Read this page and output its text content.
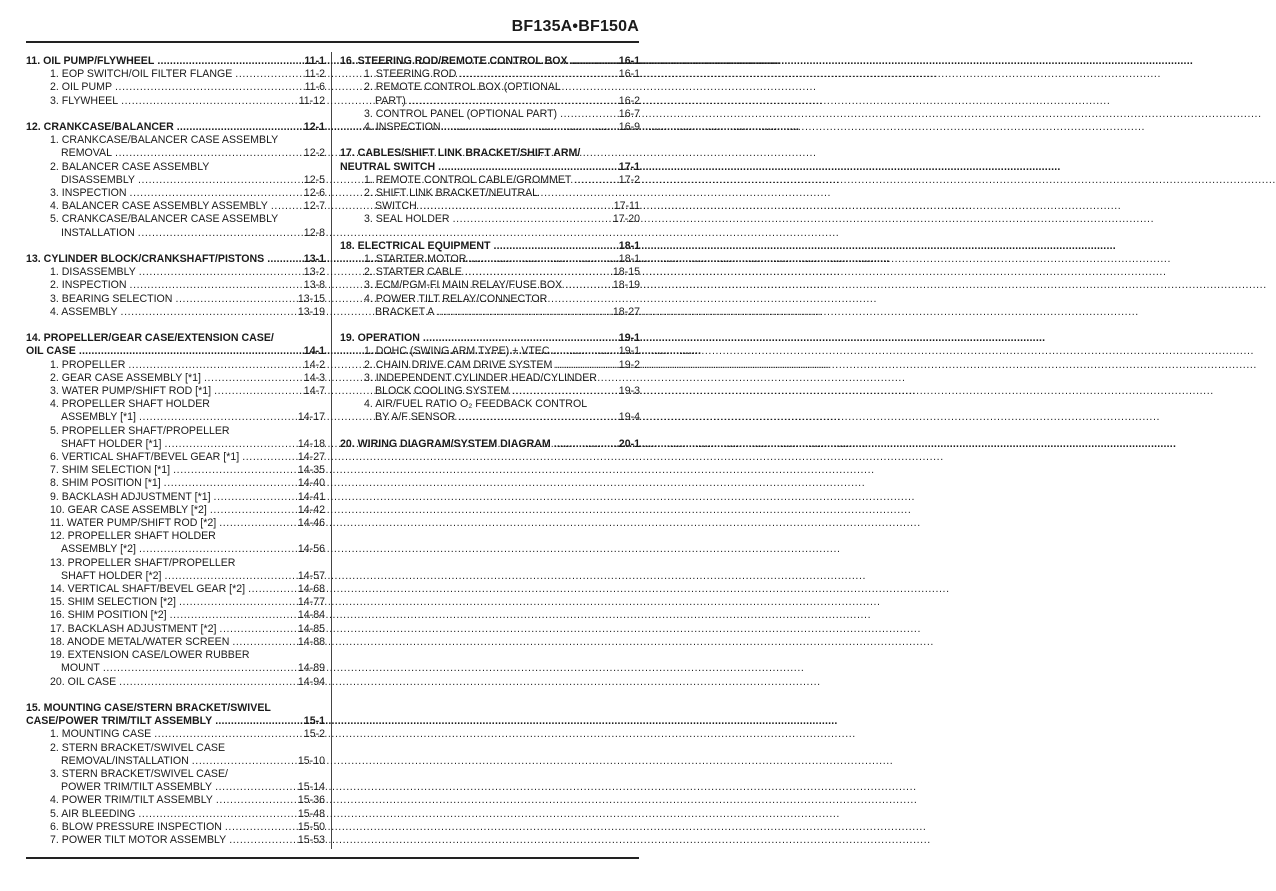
BF135A•BF150A
11. OIL PUMP/FLYWHEEL .....	11-1
1. EOP SWITCH/OIL FILTER FLANGE .....	11-2
2. OIL PUMP .....	11-6
3. FLYWHEEL .....	11-12
12. CRANKCASE/BALANCER .....	12-1
1. CRANKCASE/BALANCER CASE ASSEMBLY
REMOVAL .....	12-2
2. BALANCER CASE ASSEMBLY
DISASSEMBLY .....	12-5
3. INSPECTION .....	12-6
4. BALANCER CASE ASSEMBLY ASSEMBLY .....	12-7
5. CRANKCASE/BALANCER CASE ASSEMBLY
INSTALLATION .....	12-8
13. CYLINDER BLOCK/CRANKSHAFT/PISTONS .....	13-1
1. DISASSEMBLY .....	13-2
2. INSPECTION .....	13-8
3. BEARING SELECTION .....	13-15
4. ASSEMBLY .....	13-19
14. PROPELLER/GEAR CASE/EXTENSION CASE/
OIL CASE .....	14-1
1. PROPELLER .....	14-2
2. GEAR CASE ASSEMBLY [*1] .....	14-3
3. WATER PUMP/SHIFT ROD [*1] .....	14-7
4. PROPELLER SHAFT HOLDER
ASSEMBLY [*1] .....	14-17
5. PROPELLER SHAFT/PROPELLER
SHAFT HOLDER [*1] .....	14-18
6. VERTICAL SHAFT/BEVEL GEAR [*1] .....	14-27
7. SHIM SELECTION [*1] .....	14-35
8. SHIM POSITION [*1] .....	14-40
9. BACKLASH ADJUSTMENT [*1] .....	14-41
10. GEAR CASE ASSEMBLY [*2] .....	14-42
11. WATER PUMP/SHIFT ROD [*2] .....	14-46
12. PROPELLER SHAFT HOLDER
ASSEMBLY [*2] .....	14-56
13. PROPELLER SHAFT/PROPELLER
SHAFT HOLDER [*2] .....	14-57
14. VERTICAL SHAFT/BEVEL GEAR [*2] .....	14-68
15. SHIM SELECTION [*2] .....	14-77
16. SHIM POSITION [*2] .....	14-84
17. BACKLASH ADJUSTMENT [*2] .....	14-85
18. ANODE METAL/WATER SCREEN .....	14-88
19. EXTENSION CASE/LOWER RUBBER
MOUNT .....	14-89
20. OIL CASE .....	14-94
15. MOUNTING CASE/STERN BRACKET/SWIVEL
CASE/POWER TRIM/TILT ASSEMBLY .....	15-1
1. MOUNTING CASE .....	15-2
2. STERN BRACKET/SWIVEL CASE
REMOVAL/INSTALLATION .....	15-10
3. STERN BRACKET/SWIVEL CASE/
POWER TRIM/TILT ASSEMBLY .....	15-14
4. POWER TRIM/TILT ASSEMBLY .....	15-36
5. AIR BLEEDING .....	15-48
6. BLOW PRESSURE INSPECTION .....	15-50
7. POWER TILT MOTOR ASSEMBLY .....	15-53
16. STEERING ROD/REMOTE CONTROL BOX .....	16-1
1. STEERING ROD .....	16-1
2. REMOTE CONTROL BOX (OPTIONAL
PART) .....	16-2
3. CONTROL PANEL (OPTIONAL PART) .....	16-7
4. INSPECTION .....	16-9
17. CABLES/SHIFT LINK BRACKET/SHIFT ARM/
NEUTRAL SWITCH .....	17-1
1. REMOTE CONTROL CABLE/GROMMET .....	17-2
2. SHIFT LINK BRACKET/NEUTRAL
SWITCH .....	17-11
3. SEAL HOLDER .....	17-20
18. ELECTRICAL EQUIPMENT .....	18-1
1. STARTER MOTOR .....	18-1
2. STARTER CABLE .....	18-15
3. ECM/PGM-FI MAIN RELAY/FUSE BOX .....	18-19
4. POWER TILT RELAY/CONNECTOR
BRACKET A .....	18-27
19. OPERATION .....	19-1
1. DOHC (SWING ARM TYPE) + VTEC .....	19-1
2. CHAIN DRIVE CAM DRIVE SYSTEM .....	19-2
3. INDEPENDENT CYLINDER HEAD/CYLINDER
BLOCK COOLING SYSTEM .....	19-3
4. AIR/FUEL RATIO O₂ FEEDBACK CONTROL
BY A/F SENSOR .....	19-4
20. WIRING DIAGRAM/SYSTEM DIAGRAM .....	20-1
